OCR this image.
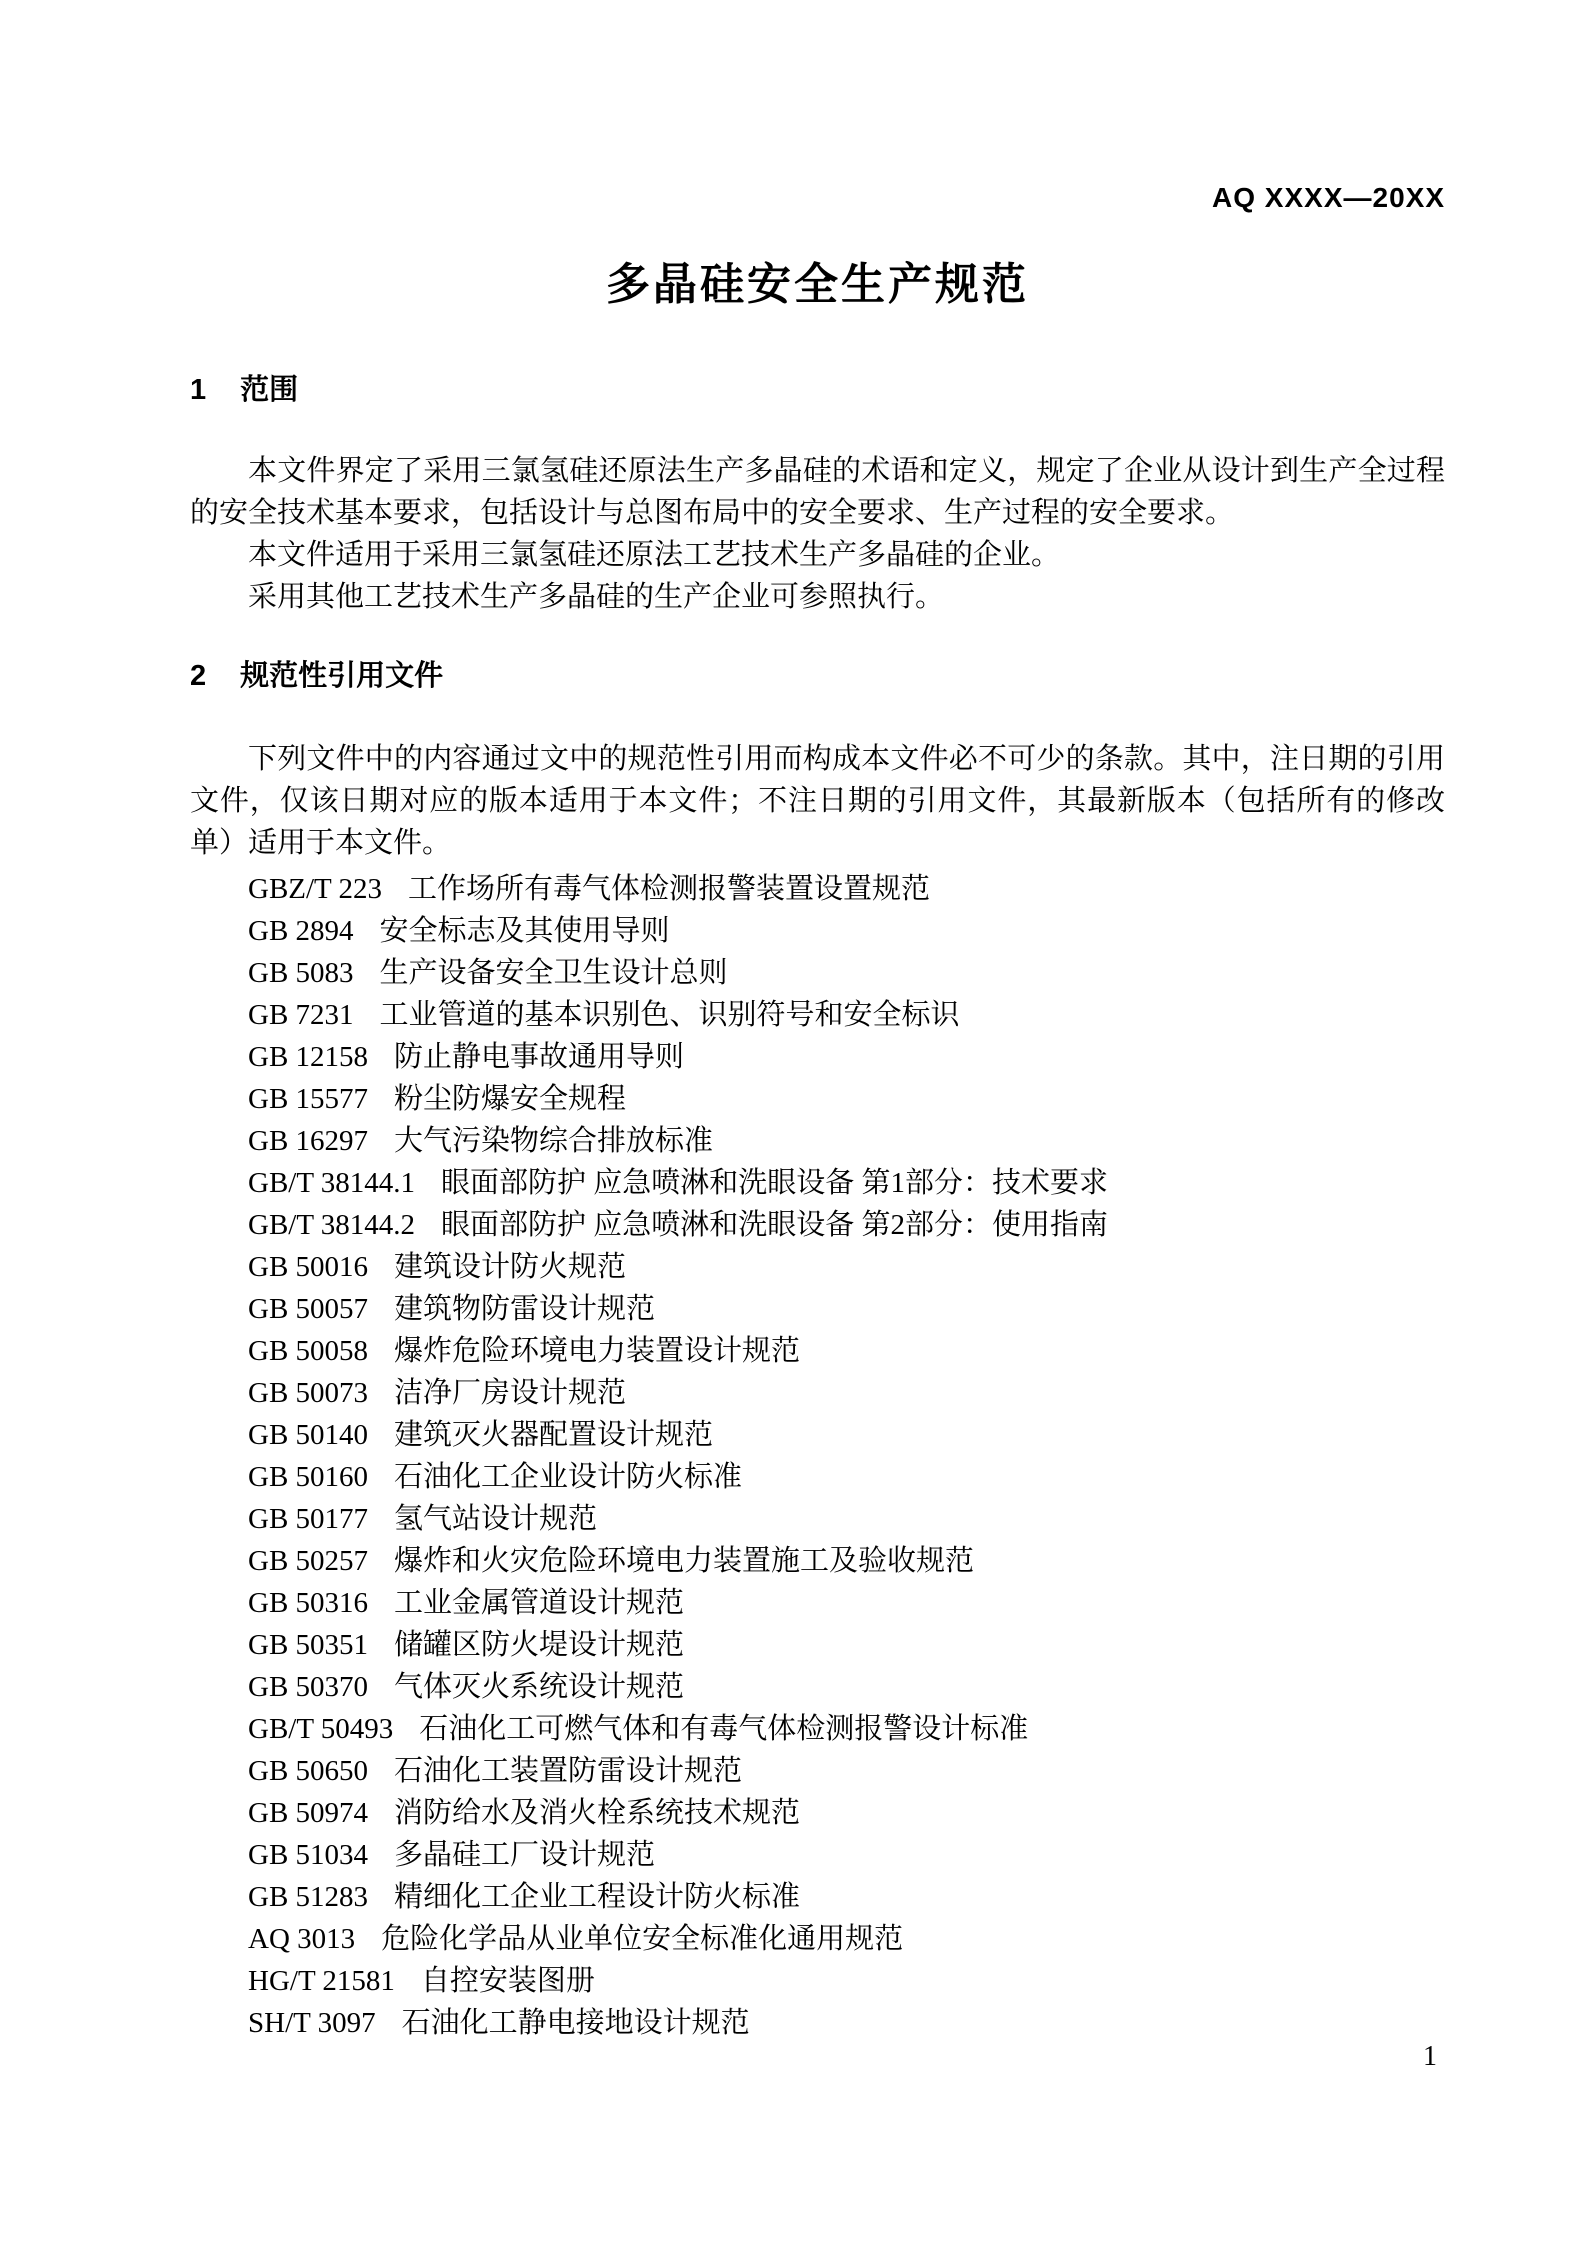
AQ XXXX—20XX
多晶硅安全生产规范
1 范围

本文件界定了采用三氯氢硅还原法生产多晶硅的术语和定义，规定了企业从设计到生产全过程的安全技术基本要求，包括设计与总图布局中的安全要求、生产过程的安全要求。

本文件适用于采用三氯氢硅还原法工艺技术生产多晶硅的企业。

采用其他工艺技术生产多晶硅的生产企业可参照执行。

2 规范性引用文件

下列文件中的内容通过文中的规范性引用而构成本文件必不可少的条款。其中，注日期的引用文件，仅该日期对应的版本适用于本文件；不注日期的引用文件，其最新版本（包括所有的修改单）适用于本文件。

GBZ/T 223 工作场所有毒气体检测报警装置设置规范
GB 2894 安全标志及其使用导则
GB 5083 生产设备安全卫生设计总则
GB 7231 工业管道的基本识别色、识别符号和安全标识
GB 12158 防止静电事故通用导则
GB 15577 粉尘防爆安全规程
GB 16297 大气污染物综合排放标准
GB/T 38144.1 眼面部防护 应急喷淋和洗眼设备 第1部分：技术要求
GB/T 38144.2 眼面部防护 应急喷淋和洗眼设备 第2部分：使用指南
GB 50016 建筑设计防火规范
GB 50057 建筑物防雷设计规范
GB 50058 爆炸危险环境电力装置设计规范
GB 50073 洁净厂房设计规范
GB 50140 建筑灭火器配置设计规范
GB 50160 石油化工企业设计防火标准
GB 50177 氢气站设计规范
GB 50257 爆炸和火灾危险环境电力装置施工及验收规范
GB 50316 工业金属管道设计规范
GB 50351 储罐区防火堤设计规范
GB 50370 气体灭火系统设计规范
GB/T 50493 石油化工可燃气体和有毒气体检测报警设计标准
GB 50650 石油化工装置防雷设计规范
GB 50974 消防给水及消火栓系统技术规范
GB 51034 多晶硅工厂设计规范
GB 51283 精细化工企业工程设计防火标准
AQ 3013 危险化学品从业单位安全标准化通用规范
HG/T 21581 自控安装图册
SH/T 3097 石油化工静电接地设计规范
1
